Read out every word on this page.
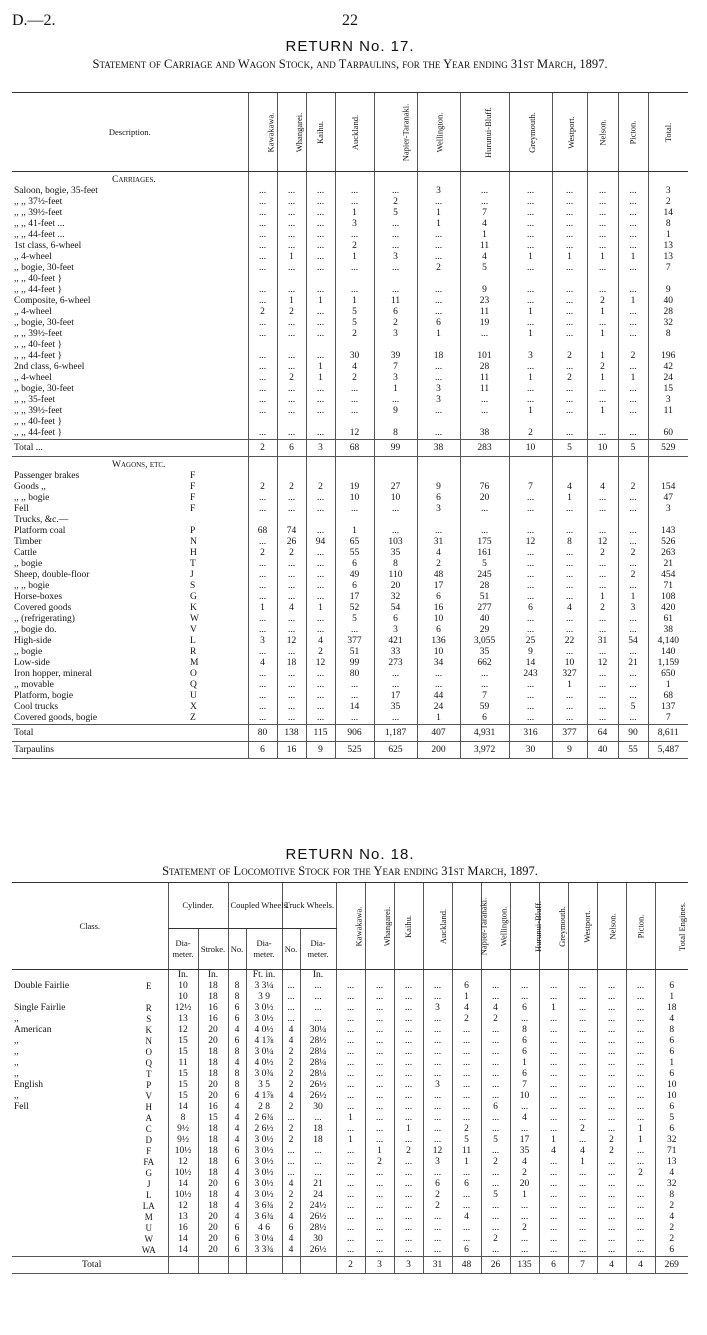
D.—2.	22
RETURN No. 17.
Statement of Carriage and Wagon Stock, and Tarpaulins, for the Year ending 31st March, 1897.
Description.	Kawakawa.	Whangarei.	Kaihu.	Auckland.	Napier-Taranaki.	Wellington.	Hurunui-Bluff.	Greymouth.	Westport.	Nelson.	Picton.	Total.
Carriages.												
Saloon, bogie, 35-feet	...	...	...	...	...	3	...	...	...	...	...	3
,, ,, 37½-feet	...	...	...	...	2	...	...	...	...	...	...	2
,, ,, 39½-feet	...	...	...	1	5	1	7	...	...	...	...	14
,, ,, 41-feet ...	...	...	...	3	...	1	4	...	...	...	...	8
,, ,, 44-feet ...	...	...	...	...	...	...	1	...	...	...	...	1
1st class, 6-wheel	...	...	...	2	...	...	11	...	...	...	...	13
,, 4-wheel	...	1	...	1	3	...	4	1	1	1	1	13
,, bogie, 30-feet	...	...	...	...	...	2	5	...	...	...	...	7
,, ,, 40-feet }												
,, ,, 44-feet }	...	...	...	...	...	...	9	...	...	...	...	9
Composite, 6-wheel	...	1	1	1	11	...	23	...	...	2	1	40
,, 4-wheel	2	2	...	5	6	...	11	1	...	1	...	28
,, bogie, 30-feet	...	...	...	5	2	6	19	...	...	...	...	32
,, ,, 39½-feet	...	...	...	2	3	1	...	1	...	1	...	8
,, ,, 40-feet }												
,, ,, 44-feet }	...	...	...	30	39	18	101	3	2	1	2	196
2nd class, 6-wheel	...	...	1	4	7	...	28	...	...	2	...	42
,, 4-wheel	...	2	1	2	3	...	11	1	2	1	1	24
,, bogie, 30-feet	...	...	...	...	1	3	11	...	...	...	...	15
,, ,, 35-feet	...	...	...	...	...	3	...	...	...	...	...	3
,, ,, 39½-feet	...	...	...	...	9	...	...	1	...	1	...	11
,, ,, 40-feet }												
,, ,, 44-feet }	...	...	...	12	8	...	38	2	...	...	...	60
Total ...	2	6	3	68	99	38	283	10	5	10	5	529
Wagons, etc.												
Passenger brakes F												

Goods ,, F	2	2	2	19	27	9	76	7	4	4	2	154
,, ,, bogie F	...	...	...	10	10	6	20	...	1	...	...	47
Fell F	...	...	...	...	...	3	...	...	...	...	...	3
Trucks, &c.—

Platform coal P	68	74	...	1	...	...	...	...	...	...	...	143
Timber N	...	26	94	65	103	31	175	12	8	12	...	526
Cattle H	2	2	...	55	35	4	161	...	...	2	2	263
,, bogie T	...	...	...	6	8	2	5	...	...	...	...	21
Sheep, double-floor J	...	...	...	49	110	48	245	...	...	...	2	454
,, ,, bogie S	...	...	...	6	20	17	28	...	...	...	...	71
Horse-boxes G	...	...	...	17	32	6	51	...	...	1	1	108
Covered goods K	1	4	1	52	54	16	277	6	4	2	3	420
,, (refrigerating) W	...	...	...	5	6	10	40	...	...	...	...	61
,, bogie do. V	...	...	...	...	3	6	29	...	...	...	...	38
High-side L	3	12	4	377	421	136	3,055	25	22	31	54	4,140
,, bogie R	...	...	2	51	33	10	35	9	...	...	...	140
Low-side M	4	18	12	99	273	34	662	14	10	12	21	1,159
Iron hopper, mineral O	...	...	...	80	...	...	...	243	327	...	...	650
,, movable Q	...	...	...	...	...	...	...	...	1	...	...	1
Platform, bogie U	...	...	...	...	17	44	7	...	...	...	...	68
Cool trucks X	...	...	...	14	35	24	59	...	...	...	5	137
Covered goods, bogie Z	...	...	...	...	...	1	6	...	...	...	...	7
Total	80	138	115	906	1,187	407	4,931	316	377	64	90	8,611
Tarpaulins	6	16	9	525	625	200	3,972	30	9	40	55	5,487
RETURN No. 18.
Statement of Locomotive Stock for the Year ending 31st March, 1897.
Class.		Cylinder.		Coupled Wheels.		Truck Wheels.		Kawakawa.	Whangarei.	Kaihu.	Auckland.	Napier-Taranaki.	Wellington.	Hurunui-Bluff.	Greymouth.	Westport.	Nelson.	Picton.	Total Engines.
		Dia- meter.	Stroke.	No.	Dia- meter.	No.	Dia- meter.												
		In.	In.		Ft. in.		In.												
Double Fairlie	E	10	18	8	3 3¼	...	...	...	...	...	...	6	...	...	...	...	...	...	6
		10	18	8	3 9	...	...	...	...	...	...	1	...	...	...	...	...	...	1
Single Fairlie	R	12½	16	6	3 0½	...	...	...	...	...	3	4	4	6	1	...	...	...	18
,,	S	13	16	6	3 0½	...	...	...	...	...	...	2	2	...	...	...	...	...	4
American	K	12	20	4	4 0½	4	30¼	...	...	...	...	...	...	8	...	...	...	...	8
,,	N	15	20	6	4 1⅞	4	28½	...	...	...	...	...	...	6	...	...	...	...	6
,,	O	15	18	8	3 0¼	2	28¼	...	...	...	...	...	...	6	...	...	...	...	6
,,	Q	11	18	4	4 0½	2	28¼	...	...	...	...	...	...	1	...	...	...	...	1
,,	T	15	18	8	3 0¾	2	28¼	...	...	...	...	...	...	6	...	...	...	...	6
English	P	15	20	8	3 5	2	26½	...	...	...	3	...	...	7	...	...	...	...	10
,,	V	15	20	6	4 1⅞	4	26½	...	...	...	...	...	...	10	...	...	...	...	10
Fell	H	14	16	4	2 8	2	30	...	...	...	...	...	6	...	...	...	...	...	6
	A	8	15	4	2 6¾	...	...	1	...	...	...	...	...	4	...	...	...	...	5
	C	9½	18	4	2 6½	2	18	...	...	1	...	2	...	...	...	2	...	1	6
	D	9½	18	4	3 0½	2	18	1	...	...	...	5	5	17	1	...	2	1	32
	F	10½	18	6	3 0½	...	...	...	1	2	12	11	...	35	4	4	2	...	71
	FA	12	18	6	3 0½	...	...	...	2	...	3	1	2	4	...	1	...	...	13
	G	10½	18	4	3 0½	...	...	...	...	...	...	...	...	2	...	...	...	2	4
	J	14	20	6	3 0½	4	21	...	...	...	6	6	...	20	...	...	...	...	32
	L	10½	18	4	3 0½	2	24	...	...	...	2	...	5	1	...	...	...	...	8
	LA	12	18	4	3 6¾	2	24½	...	...	...	2	...	...	...	...	...	...	...	2
	M	13	20	4	3 6¾	4	26½	...	...	...	...	4	...	...	...	...	...	...	4
	U	16	20	6	4 6	6	28½	...	...	...	...	...	...	2	...	...	...	...	2
	W	14	20	6	3 0¼	4	30	...	...	...	...	...	2	...	...	...	...	...	2
	WA	14	20	6	3 3¾	4	26½	...	...	...	...	6	...	...	...	...	...	...	6
Total								2	3	3	31	48	26	135	6	7	4	4	269
